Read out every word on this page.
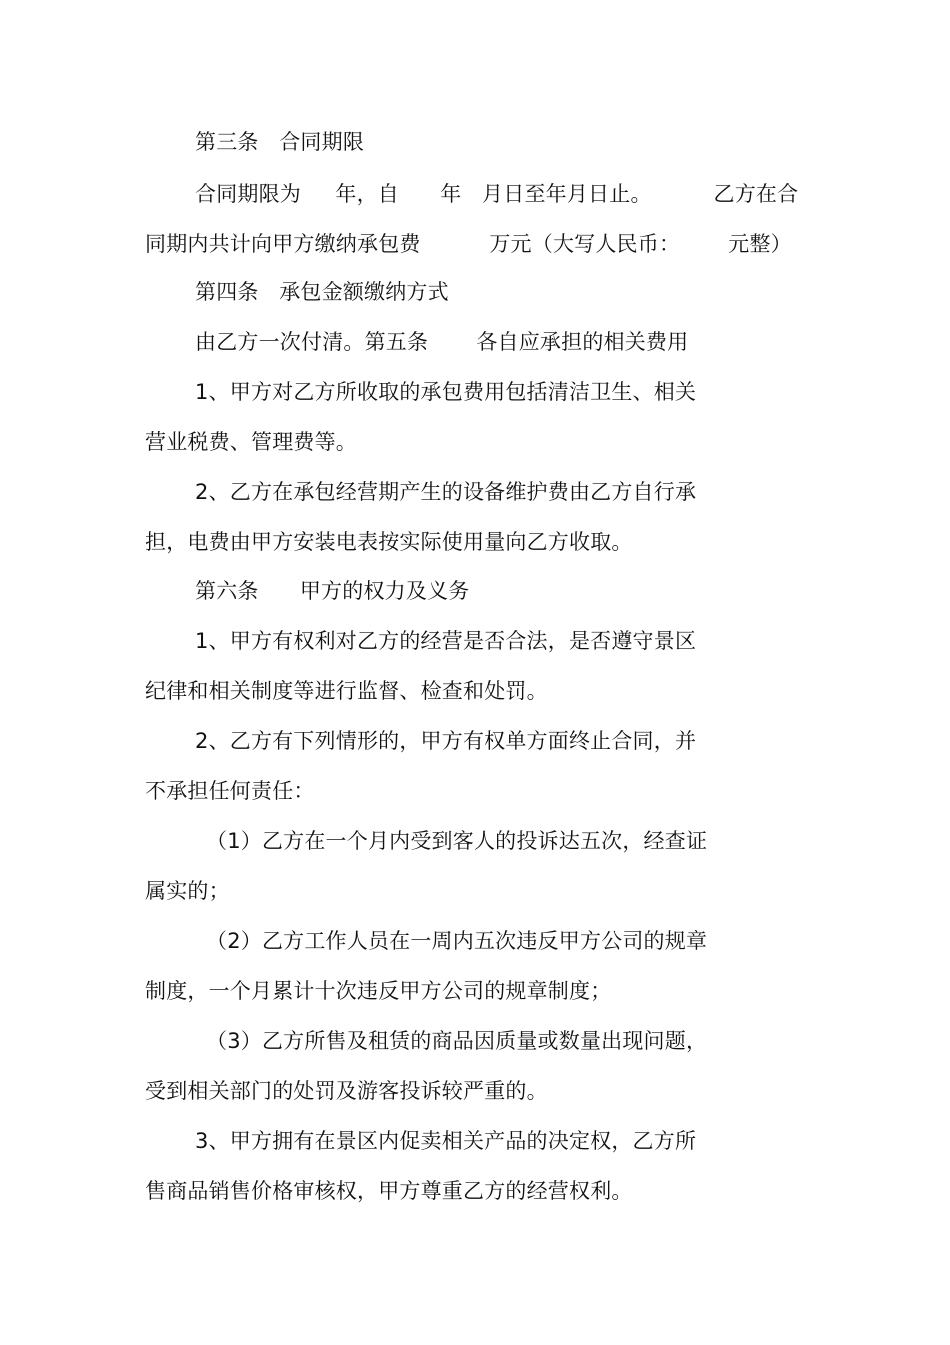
第三条   合同期限
合同期限为     年，自      年   月日至年月日止。         乙方在合
同期内共计向甲方缴纳承包费          万元（大写人民币：       元整）
第四条   承包金额缴纳方式
由乙方一次付清。第五条       各自应承担的相关费用
1、甲方对乙方所收取的承包费用包括清洁卫生、相关
营业税费、管理费等。
2、乙方在承包经营期产生的设备维护费由乙方自行承
担，电费由甲方安装电表按实际使用量向乙方收取。
第六条      甲方的权力及义务
1、甲方有权利对乙方的经营是否合法，是否遵守景区
纪律和相关制度等进行监督、检查和处罚。
2、乙方有下列情形的，甲方有权单方面终止合同，并
不承担任何责任：
（1）乙方在一个月内受到客人的投诉达五次，经查证
属实的；
（2）乙方工作人员在一周内五次违反甲方公司的规章
制度，一个月累计十次违反甲方公司的规章制度；
（3）乙方所售及租赁的商品因质量或数量出现问题，
受到相关部门的处罚及游客投诉较严重的。
3、甲方拥有在景区内促卖相关产品的决定权，乙方所
售商品销售价格审核权，甲方尊重乙方的经营权利。
